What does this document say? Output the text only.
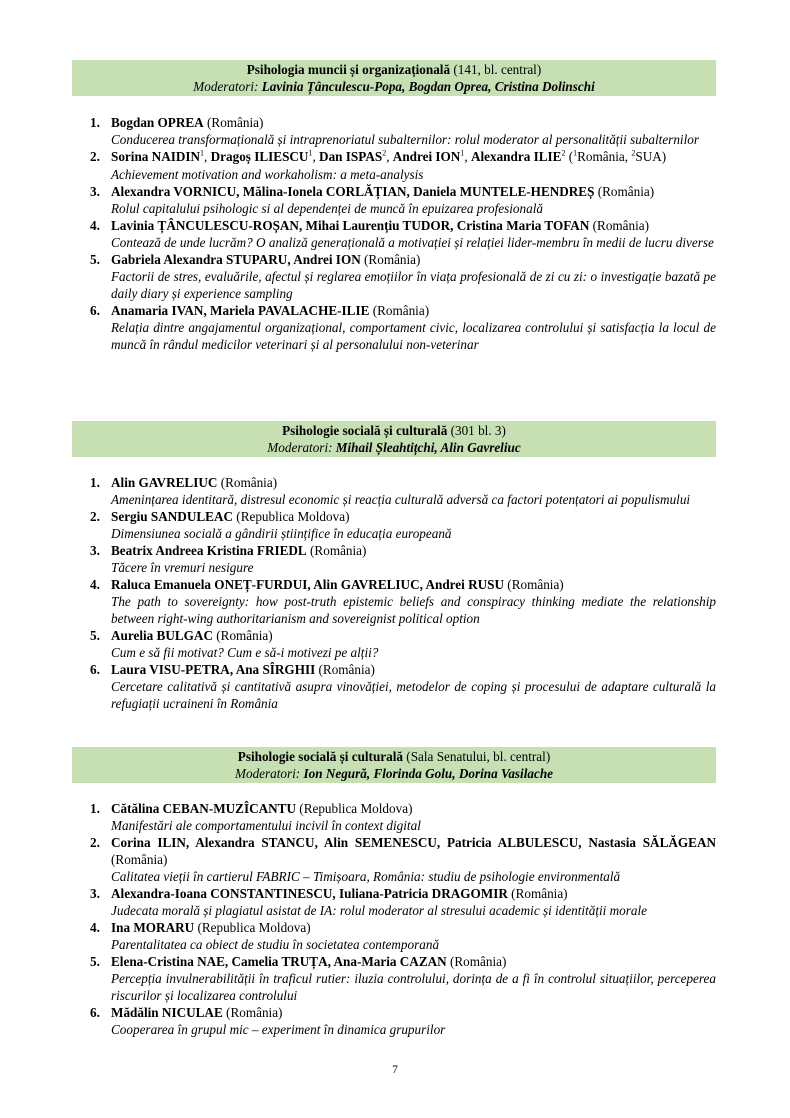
Psihologia muncii și organizațională (141, bl. central)
Moderatori: Lavinia Țânculescu-Popa, Bogdan Oprea, Cristina Dolinschi
1. Bogdan OPREA (România)
Conducerea transformațională și intraprenoriatul subalternilor: rolul moderator al personalității subalternilor
2. Sorina NAIDIN$^1$, Dragoș ILIESCU$^1$, Dan ISPAS$^2$, Andrei ION$^1$, Alexandra ILIE$^2$ ($^1$România, $^2$SUA)
Achievement motivation and workaholism: a meta-analysis
3. Alexandra VORNICU, Mălina-Ionela CORLĂȚIAN, Daniela MUNTELE-HENDREȘ (România)
Rolul capitalului psihologic si al dependenței de muncă în epuizarea profesională
4. Lavinia ȚÂNCULESCU-ROȘAN, Mihai Laurențiu TUDOR, Cristina Maria TOFAN (România)
Contează de unde lucrăm? O analiză generațională a motivației și relației lider-membru în medii de lucru diverse
5. Gabriela Alexandra STUPARU, Andrei ION (România)
Factorii de stres, evaluările, afectul și reglarea emoțiilor în viața profesională de zi cu zi: o investigație bazată pe daily diary și experience sampling
6. Anamaria IVAN, Mariela PAVALACHE-ILIE (România)
Relația dintre angajamentul organizațional, comportament civic, localizarea controlului și satisfacția la locul de muncă în rândul medicilor veterinari și al personalului non-veterinar
Psihologie socială și culturală (301 bl. 3)
Moderatori: Mihail Șleahtițchi, Alin Gavreliuc
1. Alin GAVRELIUC (România)
Amenințarea identitară, distresul economic și reacția culturală adversă ca factori potențatori ai populismului
2. Sergiu SANDULEAC (Republica Moldova)
Dimensiunea socială a gândirii științifice în educația europeană
3. Beatrix Andreea Kristina FRIEDL (România)
Tăcere în vremuri nesigure
4. Raluca Emanuela ONEȚ-FURDUI, Alin GAVRELIUC, Andrei RUSU (România)
The path to sovereignty: how post-truth epistemic beliefs and conspiracy thinking mediate the relationship between right-wing authoritarianism and sovereignist political option
5. Aurelia BULGAC (România)
Cum e să fii motivat? Cum e să-i motivezi pe alții?
6. Laura VISU-PETRA, Ana SÎRGHII (România)
Cercetare calitativă și cantitativă asupra vinovăției, metodelor de coping și procesului de adaptare culturală la refugiații ucraineni în România
Psihologie socială și culturală (Sala Senatului, bl. central)
Moderatori: Ion Negură, Florinda Golu, Dorina Vasilache
1. Cătălina CEBAN-MUZÎCANTU (Republica Moldova)
Manifestări ale comportamentului incivil în context digital
2. Corina ILIN, Alexandra STANCU, Alin SEMENESCU, Patricia ALBULESCU, Nastasia SĂLĂGEAN (România)
Calitatea vieții în cartierul FABRIC – Timișoara, România: studiu de psihologie environmentală
3. Alexandra-Ioana CONSTANTINESCU, Iuliana-Patricia DRAGOMIR (România)
Judecata morală și plagiatul asistat de IA: rolul moderator al stresului academic și identității morale
4. Ina MORARU (Republica Moldova)
Parentalitatea ca obiect de studiu în societatea contemporană
5. Elena-Cristina NAE, Camelia TRUȚA, Ana-Maria CAZAN (România)
Percepția invulnerabilității în traficul rutier: iluzia controlului, dorința de a fi în controlul situațiilor, perceperea riscurilor și localizarea controlului
6. Mădălin NICULAE (România)
Cooperarea în grupul mic – experiment în dinamica grupurilor
7
